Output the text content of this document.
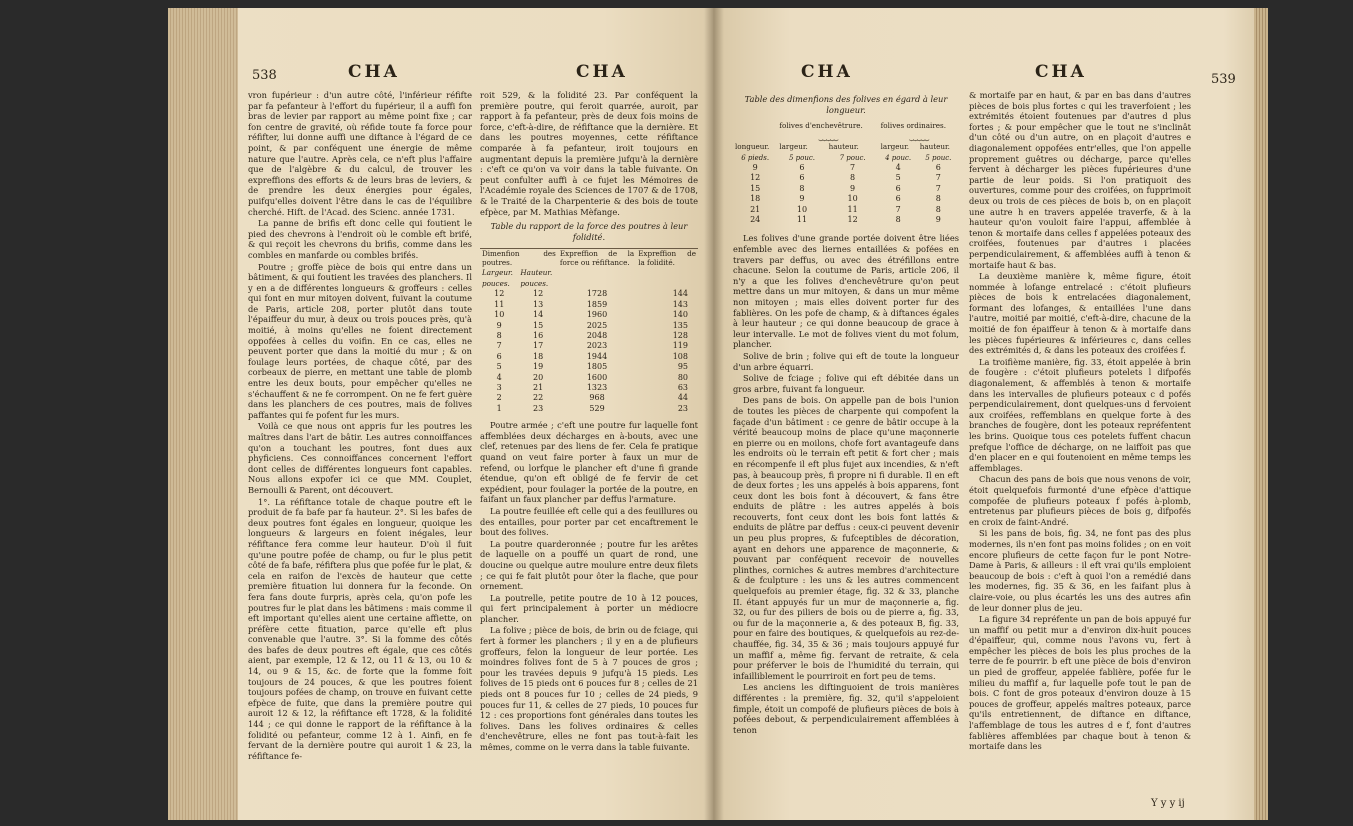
538	CHA	CHA

vron fupérieur : d'un autre côté, l'inférieur réfifte par fa pefanteur à l'effort du fupérieur, il a auffi fon bras de levier par rapport au même point fixe ; car fon centre de gravité, où réfide toute fa force pour réfifter, lui donne auffi une diftance à l'égard de ce point, & par conféquent une énergie de même nature que l'autre. Après cela, ce n'eft plus l'affaire que de l'algèbre & du calcul, de trouver les expreffions des efforts & de leurs bras de leviers, & de prendre les deux énergies pour égales, puifqu'elles doivent l'être dans le cas de l'équilibre cherché. Hift. de l'Acad. des Scienc. année 1731.

La panne de brifis eft donc celle qui foutient le pied des chevrons à l'endroit où le comble eft brifé, & qui reçoit les chevrons du brifis, comme dans les combles en manfarde ou combles brifés.

Poutre ; groffe pièce de bois qui entre dans un bâtiment, & qui foutient les travées des planchers. Il y en a de différentes longueurs & groffeurs : celles qui font en mur mitoyen doivent, fuivant la coutume de Paris, article 208, porter plutôt dans toute l'épaiffeur du mur, à deux ou trois pouces près, qu'à moitié, à moins qu'elles ne foient directement oppofées à celles du voifin. En ce cas, elles ne peuvent porter que dans la moitié du mur ; & on foulage leurs portées, de chaque côté, par des corbeaux de pierre, en mettant une table de plomb entre les deux bouts, pour empêcher qu'elles ne s'échauffent & ne fe corrompent. On ne fe fert guère dans les planchers de ces poutres, mais de folives paffantes qui fe pofent fur les murs.

Voilà ce que nous ont appris fur les poutres les maîtres dans l'art de bâtir. Les autres connoiffances qu'on a touchant les poutres, font dues aux phyficiens. Ces connoiffances concernent l'effort dont celles de différentes longueurs font capables. Nous allons expofer ici ce que MM. Couplet, Bernoulli & Parent, ont découvert.

1°. La réfiftance totale de chaque poutre eft le produit de fa bafe par fa hauteur. 2°. Si les bafes de deux poutres font égales en longueur, quoique les longueurs & largeurs en foient inégales, leur réfiftance fera comme leur hauteur. D'où il fuit qu'une poutre pofée de champ, ou fur le plus petit côté de fa bafe, réfiftera plus que pofée fur le plat, & cela en raifon de l'excès de hauteur que cette première fituation lui donnera fur la feconde. On fera fans doute furpris, après cela, qu'on pofe les poutres fur le plat dans les bâtimens : mais comme il eft important qu'elles aient une certaine affiette, on préfère cette fituation, parce qu'elle eft plus convenable que l'autre. 3°. Si la fomme des côtés des bafes de deux poutres eft égale, que ces côtés aient, par exemple, 12 & 12, ou 11 & 13, ou 10 & 14, ou 9 & 15, &c. de forte que la fomme foit toujours de 24 pouces, & que les poutres foient toujours pofées de champ, on trouve en fuivant cette efpèce de fuite, que dans la première poutre qui auroit 12 & 12, la réfiftance eft 1728, & la folidité 144 ; ce qui donne le rapport de la réfiftance à la folidité ou pefanteur, comme 12 à 1. Ainfi, en fe fervant de la dernière poutre qui auroit 1 & 23, la réfiftance fe-

roit 529, & la folidité 23. Par conféquent la première poutre, qui feroit quarrée, auroit, par rapport à fa pefanteur, près de deux fois moins de force, c'eft-à-dire, de réfiftance que la dernière. Et dans les poutres moyennes, cette réfiftance comparée à fa pefanteur, iroit toujours en augmentant depuis la première jufqu'à la dernière : c'eft ce qu'on va voir dans la table fuivante. On peut confulter auffi à ce fujet les Mémoires de l'Académie royale des Sciences de 1707 & de 1708, & le Traité de la Charpenterie & des bois de toute efpèce, par M. Mathias Mèfange.

Table du rapport de la force des poutres à leur folidité.

Dimenfion des poutres.		Expreffion de la force ou réfiftance.	Expreffion de la folidité.
Largeur.	Hauteur.		
pouces.	pouces.		
12	12	1728	144
11	13	1859	143
10	14	1960	140
9	15	2025	135
8	16	2048	128
7	17	2023	119
6	18	1944	108
5	19	1805	95
4	20	1600	80
3	21	1323	63
2	22	968	44
1	23	529	23

Poutre armée ; c'eft une poutre fur laquelle font affemblées deux décharges en à-bouts, avec une clef, retenues par des liens de fer. Cela fe pratique quand on veut faire porter à faux un mur de refend, ou lorfque le plancher eft d'une fi grande étendue, qu'on eft obligé de fe fervir de cet expédient, pour foulager la portée de la poutre, en faifant un faux plancher par deffus l'armature.

La poutre feuillée eft celle qui a des feuillures ou des entailles, pour porter par cet encaftrement le bout des folives.

La poutre quarderonnée ; poutre fur les arêtes de laquelle on a pouffé un quart de rond, une doucine ou quelque autre moulure entre deux filets ; ce qui fe fait plutôt pour ôter la flache, que pour ornement.

La poutrelle, petite poutre de 10 à 12 pouces, qui fert principalement à porter un médiocre plancher.

La folive ; pièce de bois, de brin ou de fciage, qui fert à former les planchers ; il y en a de plufieurs groffeurs, felon la longueur de leur portée. Les moindres folives font de 5 à 7 pouces de gros ; pour les travées depuis 9 jufqu'à 15 pieds. Les folives de 15 pieds ont 6 pouces fur 8 ; celles de 21 pieds ont 8 pouces fur 10 ; celles de 24 pieds, 9 pouces fur 11, & celles de 27 pieds, 10 pouces fur 12 : ces proportions font générales dans toutes les folives. Dans les folives ordinaires & celles d'enchevêtrure, elles ne font pas tout-à-fait les mêmes, comme on le verra dans la table fuivante.

CHA	CHA	539

Table des dimenfions des folives en égard à leur longueur.

	folives d'enchevêtrure.		folives ordinaires.	
	⏟⏟⏟⏟⏟		⏟⏟⏟⏟⏟	
longueur.	largeur.	hauteur.	largeur.	hauteur.
6 pieds.	5 pouc.	7 pouc.	4 pouc.	5 pouc.
9	6	7	4	6
12	6	8	5	7
15	8	9	6	7
18	9	10	6	8
21	10	11	7	8
24	11	12	8	9

Les folives d'une grande portée doivent être liées enfemble avec des liernes entaillées & pofées en travers par deffus, ou avec des étréfillons entre chacune. Selon la coutume de Paris, article 206, il n'y a que les folives d'enchevêtrure qu'on peut mettre dans un mur mitoyen, & dans un mur même non mitoyen ; mais elles doivent porter fur des fablières. On les pofe de champ, & à diftances égales à leur hauteur ; ce qui donne beaucoup de grace à leur intervalle. Le mot de folives vient du mot folum, plancher.

Solive de brin ; folive qui eft de toute la longueur d'un arbre équarri.

Solive de fciage ; folive qui eft débitée dans un gros arbre, fuivant fa longueur.

Des pans de bois. On appelle pan de bois l'union de toutes les pièces de charpente qui compofent la façade d'un bâtiment : ce genre de bâtir occupe à la vérité beaucoup moins de place qu'une maçonnerie en pierre ou en moilons, chofe fort avantageufe dans les endroits où le terrain eft petit & fort cher ; mais en récompenfe il eft plus fujet aux incendies, & n'eft pas, à beaucoup près, fi propre ni fi durable. Il en eft de deux fortes ; les uns appelés à bois apparens, font ceux dont les bois font à découvert, & fans être enduits de plâtre : les autres appelés à bois recouverts, font ceux dont les bois font lattés & enduits de plâtre par deffus : ceux-ci peuvent devenir un peu plus propres, & fufceptibles de décoration, ayant en dehors une apparence de maçonnerie, & pouvant par conféquent recevoir de nouvelles plinthes, corniches & autres membres d'architecture & de fculpture : les uns & les autres commencent quelquefois au premier étage, fig. 32 & 33, planche II. étant appuyés fur un mur de maçonnerie a, fig. 32, ou fur des piliers de bois ou de pierre a, fig. 33, ou fur de la maçonnerie a, & des poteaux B, fig. 33, pour en faire des boutiques, & quelquefois au rez-de-chauffée, fig. 34, 35 & 36 ; mais toujours appuyé fur un maffif a, même fig. fervant de retraite, & cela pour préferver le bois de l'humidité du terrain, qui infailliblement le pourriroit en fort peu de tems.

Les anciens les diftinguoient de trois manières différentes : la première, fig. 32, qu'il s'appeloient fimple, étoit un compofé de plufieurs pièces de bois à pofées debout, & perpendiculairement affemblées à tenon

& mortaife par en haut, & par en bas dans d'autres pièces de bois plus fortes c qui les traverfoient ; les extrémités étoient foutenues par d'autres d plus fortes ; & pour empêcher que le tout ne s'inclinât d'un côté ou d'un autre, on en plaçoit d'autres e diagonalement oppofées entr'elles, que l'on appelle proprement guêtres ou décharge, parce qu'elles fervent à décharger les pièces fupérieures d'une partie de leur poids. Si l'on pratiquoit des ouvertures, comme pour des croifées, on fupprimoit deux ou trois de ces pièces de bois b, on en plaçoit une autre h en travers appelée traverfe, & à la hauteur qu'on vouloit faire l'appui, affemblée à tenon & mortaife dans celles f appelées poteaux des croifées, foutenues par d'autres i placées perpendiculairement, & affemblées auffi à tenon & mortaife haut & bas.

La deuxième manière k, même figure, étoit nommée à lofange entrelacé : c'étoit plufieurs pièces de bois k entrelacées diagonalement, formant des lofanges, & entaillées l'une dans l'autre, moitié par moitié, c'eft-à-dire, chacune de la moitié de fon épaiffeur à tenon & à mortaife dans les pièces fupérieures & inférieures c, dans celles des extrémités d, & dans les poteaux des croifées f.

La troifième manière, fig. 33, étoit appelée à brin de fougère : c'étoit plufieurs potelets l difpofés diagonalement, & affemblés à tenon & mortaife dans les intervalles de plufieurs poteaux c d pofés perpendiculairement, dont quelques-uns d fervoient aux croifées, reffemblans en quelque forte à des branches de fougère, dont les poteaux repréfentent les brins. Quoique tous ces potelets fuffent chacun prefque l'office de décharge, on ne laiffoit pas que d'en placer en e qui foutenoient en même temps les affemblages.

Chacun des pans de bois que nous venons de voir, étoit quelquefois furmonté d'une efpèce d'attique compofée de plufieurs poteaux f pofés à-plomb, entretenus par plufieurs pièces de bois g, difpofés en croix de faint-André.

Si les pans de bois, fig. 34, ne font pas des plus modernes, ils n'en font pas moins folides ; on en voit encore plufieurs de cette façon fur le pont Notre-Dame à Paris, & ailleurs : il eft vrai qu'ils emploient beaucoup de bois : c'eft à quoi l'on a remédié dans les modernes, fig. 35 & 36, en les faifant plus à claire-voie, ou plus écartés les uns des autres afin de leur donner plus de jeu.

La figure 34 repréfente un pan de bois appuyé fur un maffif ou petit mur a d'environ dix-huit pouces d'épaiffeur, qui, comme nous l'avons vu, fert à empêcher les pièces de bois les plus proches de la terre de fe pourrir. b eft une pièce de bois d'environ un pied de groffeur, appelée fablière, pofée fur le milieu du maffif a, fur laquelle pofe tout le pan de bois. C font de gros poteaux d'environ douze à 15 pouces de groffeur, appelés maîtres poteaux, parce qu'ils entretiennent, de diftance en diftance, l'affemblage de tous les autres d e f, font d'autres fablières affemblées par chaque bout à tenon & mortaife dans les

Y y y ij
